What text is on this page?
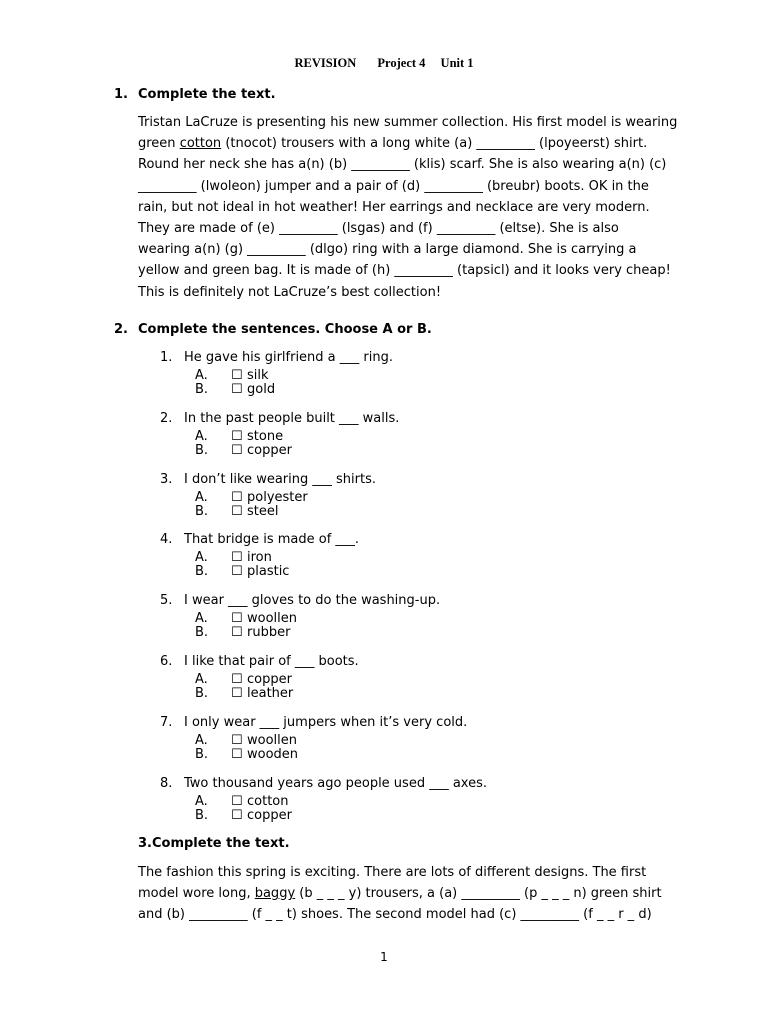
REVISION Project 4 Unit 1
1. Complete the text.
Tristan LaCruze is presenting his new summer collection. His first model is wearing
green cotton (tnocot) trousers with a long white (a) _________ (lpoyeerst) shirt.
Round her neck she has a(n) (b) _________ (klis) scarf. She is also wearing a(n) (c)
_________ (lwoleon) jumper and a pair of (d) _________ (breubr) boots. OK in the
rain, but not ideal in hot weather! Her earrings and necklace are very modern.
They are made of (e) _________ (lsgas) and (f) _________ (eltse). She is also
wearing a(n) (g) _________ (dlgo) ring with a large diamond. She is carrying a
yellow and green bag. It is made of (h) _________ (tapsicl) and it looks very cheap!
This is definitely not LaCruze’s best collection!
2. Complete the sentences. Choose A or B.
1. He gave his girlfriend a ___ ring.
A. ☐ silk
B. ☐ gold
2. In the past people built ___ walls.
A. ☐ stone
B. ☐ copper
3. I don’t like wearing ___ shirts.
A. ☐ polyester
B. ☐ steel
4. That bridge is made of ___.
A. ☐ iron
B. ☐ plastic
5. I wear ___ gloves to do the washing-up.
A. ☐ woollen
B. ☐ rubber
6. I like that pair of ___ boots.
A. ☐ copper
B. ☐ leather
7. I only wear ___ jumpers when it’s very cold.
A. ☐ woollen
B. ☐ wooden
8. Two thousand years ago people used ___ axes.
A. ☐ cotton
B. ☐ copper
3.Complete the text.
The fashion this spring is exciting. There are lots of different designs. The first
model wore long, baggy (b _ _ _ y) trousers, a (a) _________ (p _ _ _ n) green shirt
and (b) _________ (f _ _ t) shoes. The second model had (c) _________ (f _ _ r _ d)
1
